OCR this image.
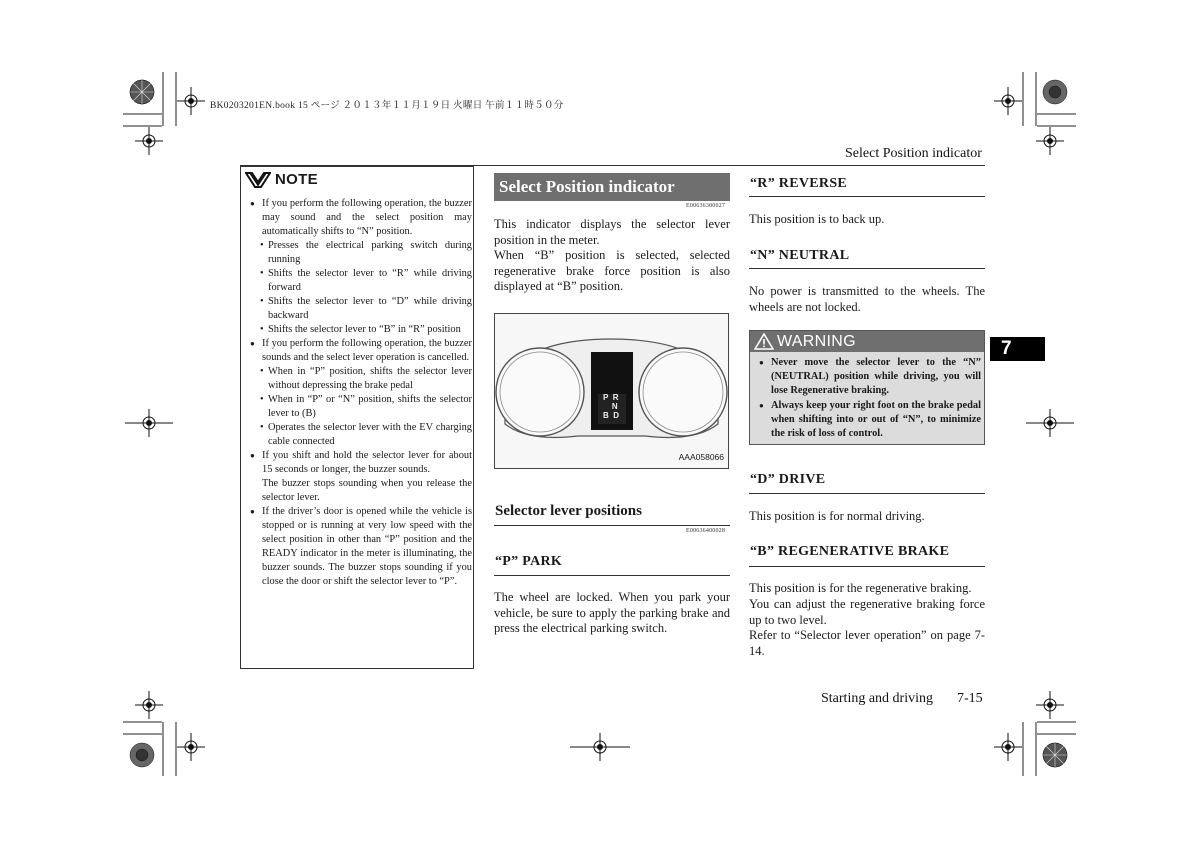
BK0203201EN.book 15 ページ ２０１３年１１月１９日 火曜日 午前１１時５０分
Select Position indicator
NOTE

● If you perform the following operation, the buzzer may sound and the select position may automatically shifts to “N” position.

• Presses the electrical parking switch during running

• Shifts the selector lever to “R” while driving forward

• Shifts the selector lever to “D” while driving backward

• Shifts the selector lever to “B” in “R” position

● If you perform the following operation, the buzzer sounds and the select lever operation is cancelled.

• When in “P” position, shifts the selector lever without depressing the brake pedal

• When in “P” or “N” position, shifts the selector lever to (B)

• Operates the selector lever with the EV charging cable connected

● If you shift and hold the selector lever for about 15 seconds or longer, the buzzer sounds.

The buzzer stops sounding when you release the selector lever.

● If the driver’s door is opened while the vehicle is stopped or is running at very low speed with the select position in other than “P” position and the READY indicator in the meter is illuminating, the buzzer sounds. The buzzer stops sounding if you close the door or shift the selector lever to “P”.

Select Position indicator
E00636300027
This indicator displays the selector lever position in the meter.
When “B” position is selected, selected regenerative brake force position is also displayed at “B” position.
P R
N
B D
AAA058066
Selector lever positions
E00636400028
“P” PARK
The wheel are locked. When you park your vehicle, be sure to apply the parking brake and press the electrical parking switch.
“R” REVERSE
This position is to back up.
“N” NEUTRAL
No power is transmitted to the wheels. The wheels are not locked.
WARNING

● Never move the selector lever to the “N” (NEUTRAL) position while driving, you will lose Regenerative braking.

● Always keep your right foot on the brake pedal when shifting into or out of “N”, to minimize the risk of loss of control.

“D” DRIVE
This position is for normal driving.
“B” REGENERATIVE BRAKE
This position is for the regenerative braking.
You can adjust the regenerative braking force up to two level.
Refer to “Selector lever operation” on page 7-14.
7
Starting and driving 7-15
